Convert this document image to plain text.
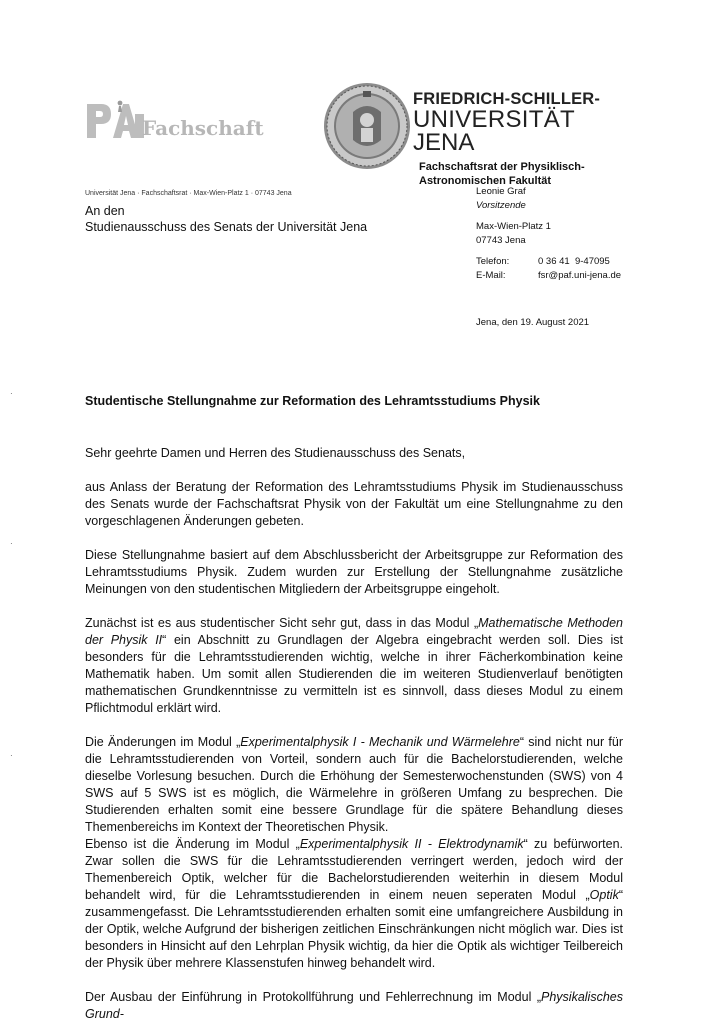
Fachschaft
FRIEDRICH-SCHILLER-
UNIVERSITÄT
JENA Fachschaftsrat der Physiklisch-
Astronomischen Fakultät
Universität Jena · Fachschaftsrat · Max-Wien-Platz 1 · 07743 Jena
An den
Studienausschuss des Senats der Universität Jena
Leonie Graf
Vorsitzende
Max-Wien-Platz 1
07743 Jena
Telefon:	0 36 41  9-47095
E-Mail:	fsr@paf.uni-jena.de
Jena, den 19. August 2021
·
·
·
Studentische Stellungnahme zur Reformation des Lehramtsstudiums Physik

Sehr geehrte Damen und Herren des Studienausschuss des Senats,

aus Anlass der Beratung der Reformation des Lehramtsstudiums Physik im Studienausschuss des Senats wurde der Fachschaftsrat Physik von der Fakultät um eine Stellungnahme zu den vorgeschlagenen Änderungen gebeten.

Diese Stellungnahme basiert auf dem Abschlussbericht der Arbeitsgruppe zur Reformation des Lehramtsstudiums Physik. Zudem wurden zur Erstellung der Stellungnahme zusätzliche Meinungen von den studentischen Mitgliedern der Arbeitsgruppe eingeholt.

Zunächst ist es aus studentischer Sicht sehr gut, dass in das Modul „Mathematische Methoden der Physik II“ ein Abschnitt zu Grundlagen der Algebra eingebracht werden soll. Dies ist besonders für die Lehramtsstudierenden wichtig, welche in ihrer Fächerkombination keine Mathematik haben. Um somit allen Studierenden die im weiteren Studienverlauf benötigten mathematischen Grundkenntnisse zu vermitteln ist es sinnvoll, dass dieses Modul zu einem Pflichtmodul erklärt wird.

Die Änderungen im Modul „Experimentalphysik I - Mechanik und Wärmelehre“ sind nicht nur für die Lehramtsstudierenden von Vorteil, sondern auch für die Bachelorstudierenden, welche dieselbe Vorlesung besuchen. Durch die Erhöhung der Semesterwochenstunden (SWS) von 4 SWS auf 5 SWS ist es möglich, die Wärmelehre in größeren Umfang zu besprechen. Die Studierenden erhalten somit eine bessere Grundlage für die spätere Behandlung dieses Themenbereichs im Kontext der Theoretischen Physik.

Ebenso ist die Änderung im Modul „Experimentalphysik II - Elektrodynamik“ zu befürworten. Zwar sollen die SWS für die Lehramtsstudierenden verringert werden, jedoch wird der Themenbereich Optik, welcher für die Bachelorstudierenden weiterhin in diesem Modul behandelt wird, für die Lehramtsstudierenden in einem neuen seperaten Modul „Optik“ zusammengefasst. Die Lehramtsstudierenden erhalten somit eine umfangreichere Ausbildung in der Optik, welche Aufgrund der bisherigen zeitlichen Einschränkungen nicht möglich war. Dies ist besonders in Hinsicht auf den Lehrplan Physik wichtig, da hier die Optik als wichtiger Teilbereich der Physik über mehrere Klassenstufen hinweg behandelt wird.

Der Ausbau der Einführung in Protokollführung und Fehlerrechnung im Modul „Physikalisches Grund-
